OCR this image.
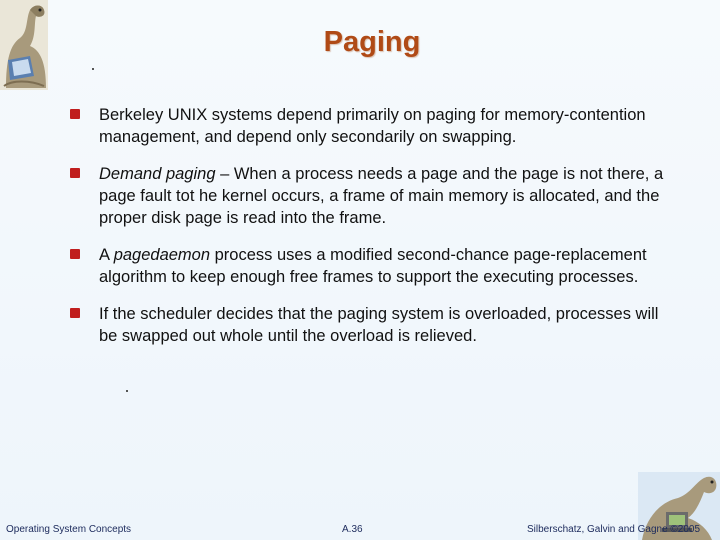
Paging
Berkeley UNIX systems depend primarily on paging for memory-contention management, and depend only secondarily on swapping.
Demand paging – When a process needs a page and the page is not there, a page fault tot he kernel occurs, a frame of main memory is allocated, and the proper disk page is read into the frame.
A pagedaemon process uses a modified second-chance page-replacement algorithm to keep enough free frames to support the executing processes.
If the scheduler decides that the paging system is overloaded, processes will be swapped out whole until the overload is relieved.
Operating System Concepts	A.36	Silberschatz, Galvin and Gagne ©2005
